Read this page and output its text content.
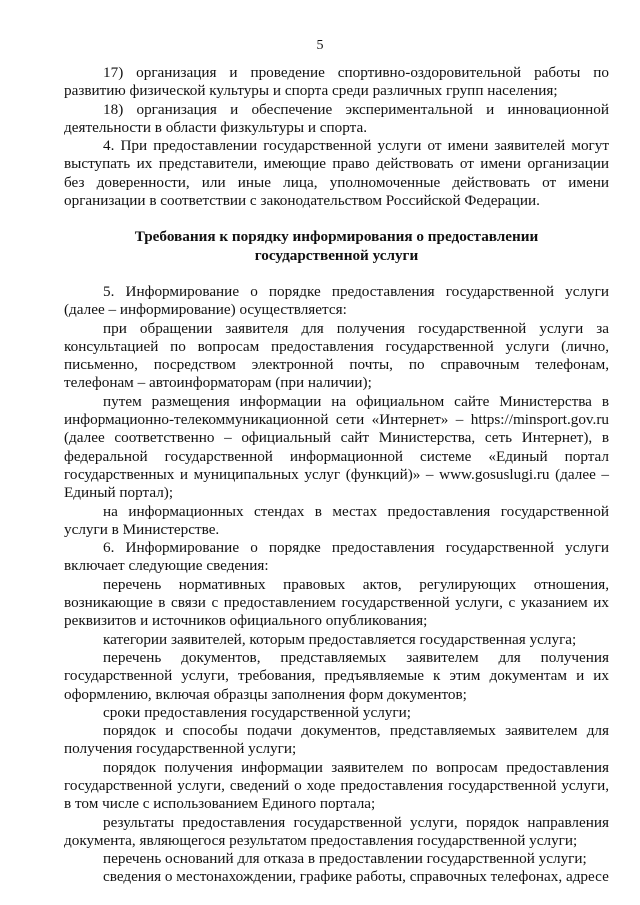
5

17) организация и проведение спортивно-оздоровительной работы по развитию физической культуры и спорта среди различных групп населения;

18) организация и обеспечение экспериментальной и инновационной деятельности в области физкультуры и спорта.

4. При предоставлении государственной услуги от имени заявителей могут выступать их представители, имеющие право действовать от имени организации без доверенности, или иные лица, уполномоченные действовать от имени организации в соответствии с законодательством Российской Федерации.

Требования к порядку информирования о предоставлении государственной услуги

5. Информирование о порядке предоставления государственной услуги (далее – информирование) осуществляется:

при обращении заявителя для получения государственной услуги за консультацией по вопросам предоставления государственной услуги (лично, письменно, посредством электронной почты, по справочным телефонам, телефонам – автоинформаторам (при наличии);

путем размещения информации на официальном сайте Министерства в информационно-телекоммуникационной сети «Интернет» – https://minsport.gov.ru (далее соответственно – официальный сайт Министерства, сеть Интернет), в федеральной государственной информационной системе «Единый портал государственных и муниципальных услуг (функций)» – www.gosuslugi.ru (далее – Единый портал);

на информационных стендах в местах предоставления государственной услуги в Министерстве.

6. Информирование о порядке предоставления государственной услуги включает следующие сведения:

перечень нормативных правовых актов, регулирующих отношения, возникающие в связи с предоставлением государственной услуги, с указанием их реквизитов и источников официального опубликования;

категории заявителей, которым предоставляется государственная услуга;

перечень документов, представляемых заявителем для получения государственной услуги, требования, предъявляемые к этим документам и их оформлению, включая образцы заполнения форм документов;

сроки предоставления государственной услуги;

порядок и способы подачи документов, представляемых заявителем для получения государственной услуги;

порядок получения информации заявителем по вопросам предоставления государственной услуги, сведений о ходе предоставления государственной услуги, в том числе с использованием Единого портала;

результаты предоставления государственной услуги, порядок направления документа, являющегося результатом предоставления государственной услуги;

перечень оснований для отказа в предоставлении государственной услуги;

сведения о местонахождении, графике работы, справочных телефонах, адресе
